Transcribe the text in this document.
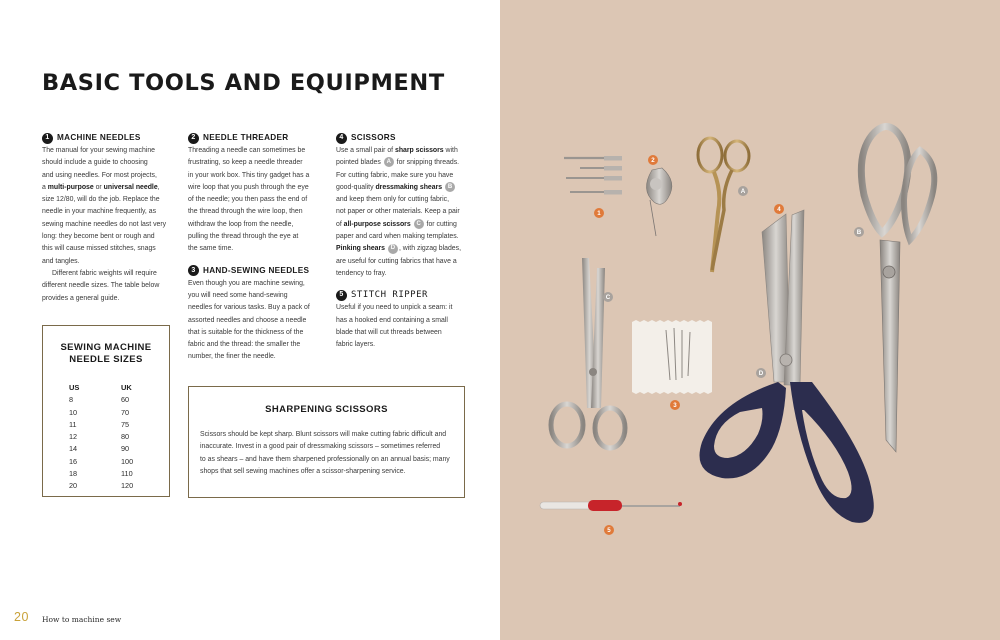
BASIC TOOLS AND EQUIPMENT
1 MACHINE NEEDLES
The manual for your sewing machine
should include a guide to choosing
and using needles. For most projects,
a multi-purpose or universal needle,
size 12/80, will do the job. Replace the
needle in your machine frequently, as
sewing machine needles do not last very
long: they become bent or rough and
this will cause missed stitches, snags
and tangles.
Different fabric weights will require
different needle sizes. The table below
provides a general guide.
2 NEEDLE THREADER
Threading a needle can sometimes be
frustrating, so keep a needle threader
in your work box. This tiny gadget has a
wire loop that you push through the eye
of the needle; you then pass the end of
the thread through the wire loop, then
withdraw the loop from the needle,
pulling the thread through the eye at
the same time.
3 HAND-SEWING NEEDLES
Even though you are machine sewing,
you will need some hand-sewing
needles for various tasks. Buy a pack of
assorted needles and choose a needle
that is suitable for the thickness of the
fabric and the thread: the smaller the
number, the finer the needle.
4 SCISSORS
Use a small pair of sharp scissors with
pointed blades A for snipping threads.
For cutting fabric, make sure you have
good-quality dressmaking shears B
and keep them only for cutting fabric,
not paper or other materials. Keep a pair
of all-purpose scissors C for cutting
paper and card when making templates.
Pinking shears D , with zigzag blades,
are useful for cutting fabrics that have a
tendency to fray.
5 STITCH RIPPER
Useful if you need to unpick a seam: it
has a hooked end containing a small
blade that will cut threads between
fabric layers.
SEWING MACHINE
NEEDLE SIZES
US	UK
8	60
10	70
11	75
12	80
14	90
16	100
18	110
20	120
SHARPENING SCISSORS
Scissors should be kept sharp. Blunt scissors will make cutting fabric difficult and
inaccurate. Invest in a good pair of dressmaking scissors – sometimes referred
to as shears – and have them sharpened professionally on an annual basis; many
shops that sell sewing machines offer a scissor-sharpening service.
20 How to machine sew
2
1
A
4
B
C
D
3
5
